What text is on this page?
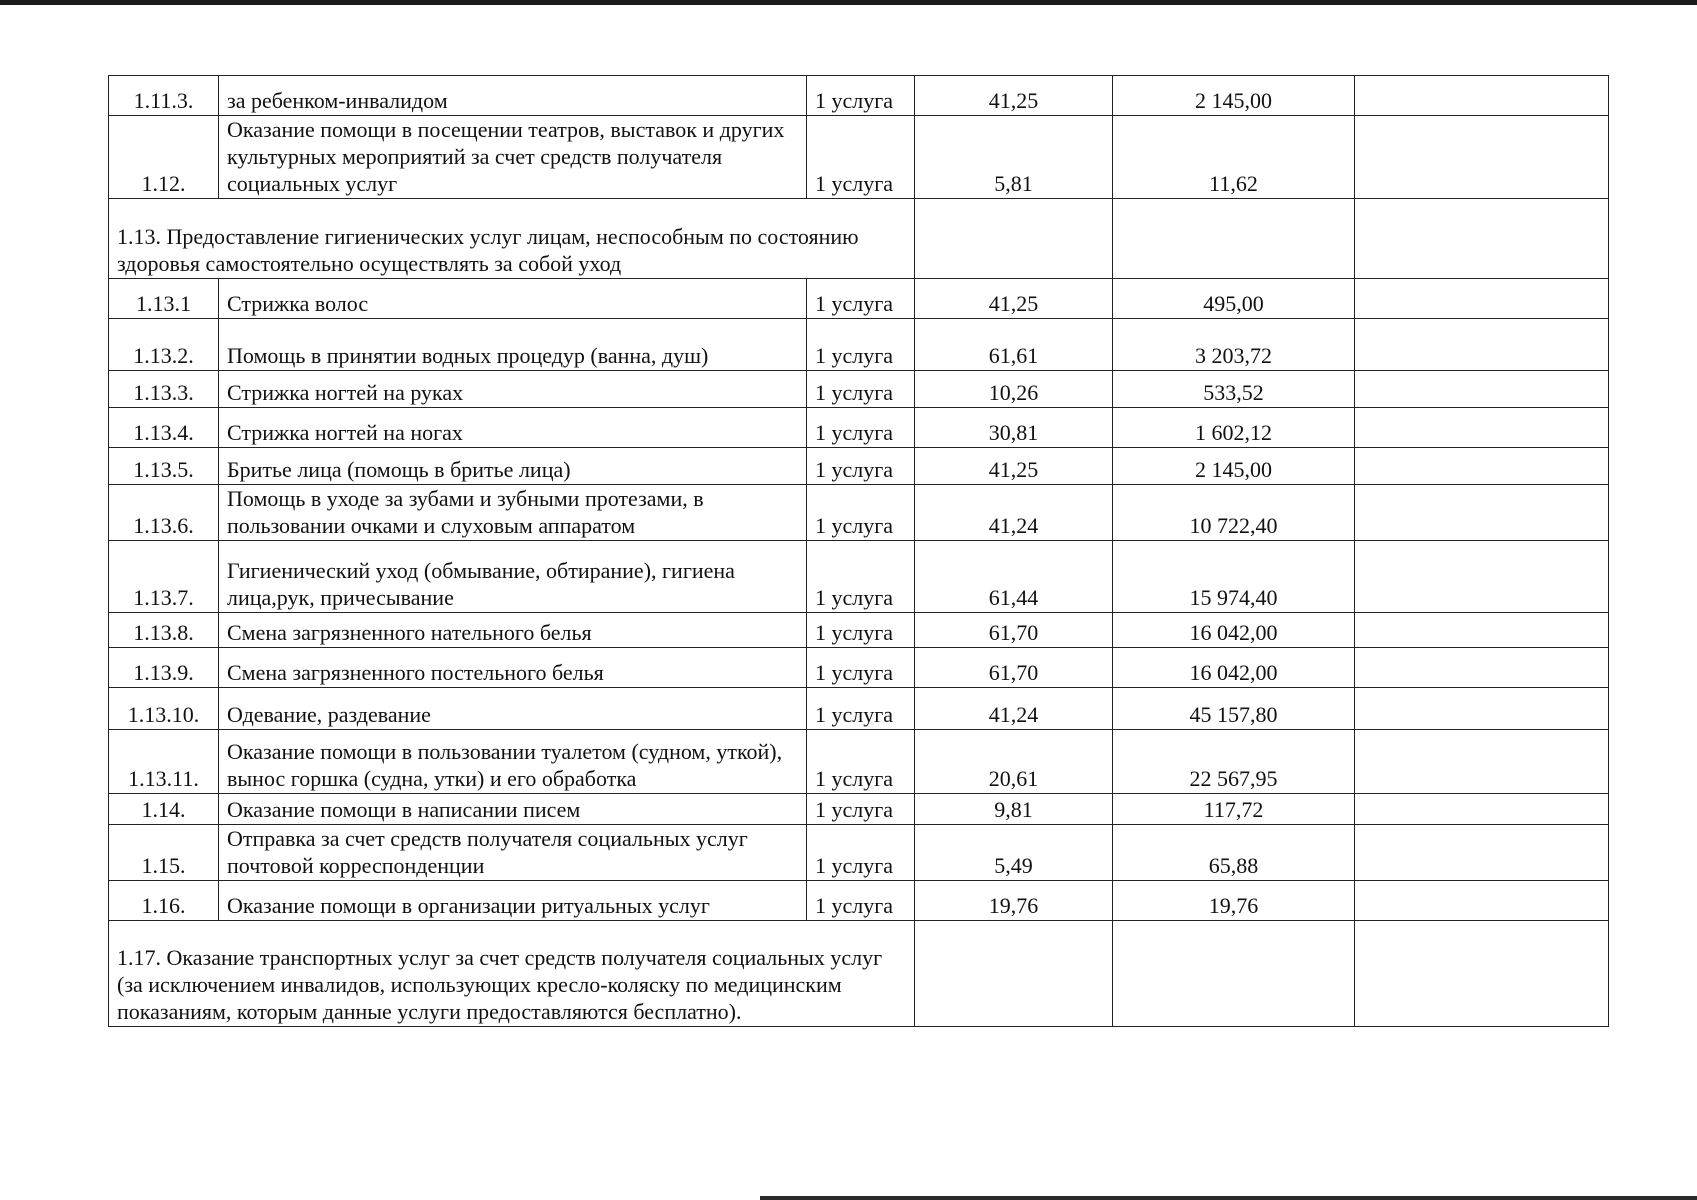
1.11.3.	за ребенком-инвалидом	1 услуга	41,25	2 145,00	
1.12.	Оказание помощи в посещении театров, выставок и других культурных мероприятий за счет средств получателя социальных услуг	1 услуга	5,81	11,62	
1.13. Предоставление гигиенических услуг лицам, неспособным по состоянию здоровья самостоятельно осуществлять за собой уход					
1.13.1	Стрижка волос	1 услуга	41,25	495,00	
1.13.2.	Помощь в принятии водных процедур (ванна, душ)	1 услуга	61,61	3 203,72	
1.13.3.	Стрижка ногтей на руках	1 услуга	10,26	533,52	
1.13.4.	Стрижка ногтей на ногах	1 услуга	30,81	1 602,12	
1.13.5.	Бритье лица (помощь в бритье лица)	1 услуга	41,25	2 145,00	
1.13.6.	Помощь в уходе за зубами и зубными протезами, в пользовании очками и слуховым аппаратом	1 услуга	41,24	10 722,40	
1.13.7.	Гигиенический уход (обмывание, обтирание), гигиена лица,рук, причесывание	1 услуга	61,44	15 974,40	
1.13.8.	Смена загрязненного нательного белья	1 услуга	61,70	16 042,00	
1.13.9.	Смена загрязненного постельного белья	1 услуга	61,70	16 042,00	
1.13.10.	Одевание, раздевание	1 услуга	41,24	45 157,80	
1.13.11.	Оказание помощи в пользовании туалетом (судном, уткой), вынос горшка (судна, утки) и его обработка	1 услуга	20,61	22 567,95	
1.14.	Оказание помощи в написании писем	1 услуга	9,81	117,72	
1.15.	Отправка за счет средств получателя социальных услуг почтовой корреспонденции	1 услуга	5,49	65,88	
1.16.	Оказание помощи в организации ритуальных услуг	1 услуга	19,76	19,76	
1.17. Оказание транспортных услуг за счет средств получателя социальных услуг (за исключением инвалидов, использующих кресло-коляску по медицинским показаниям, которым данные услуги предоставляются бесплатно).					
